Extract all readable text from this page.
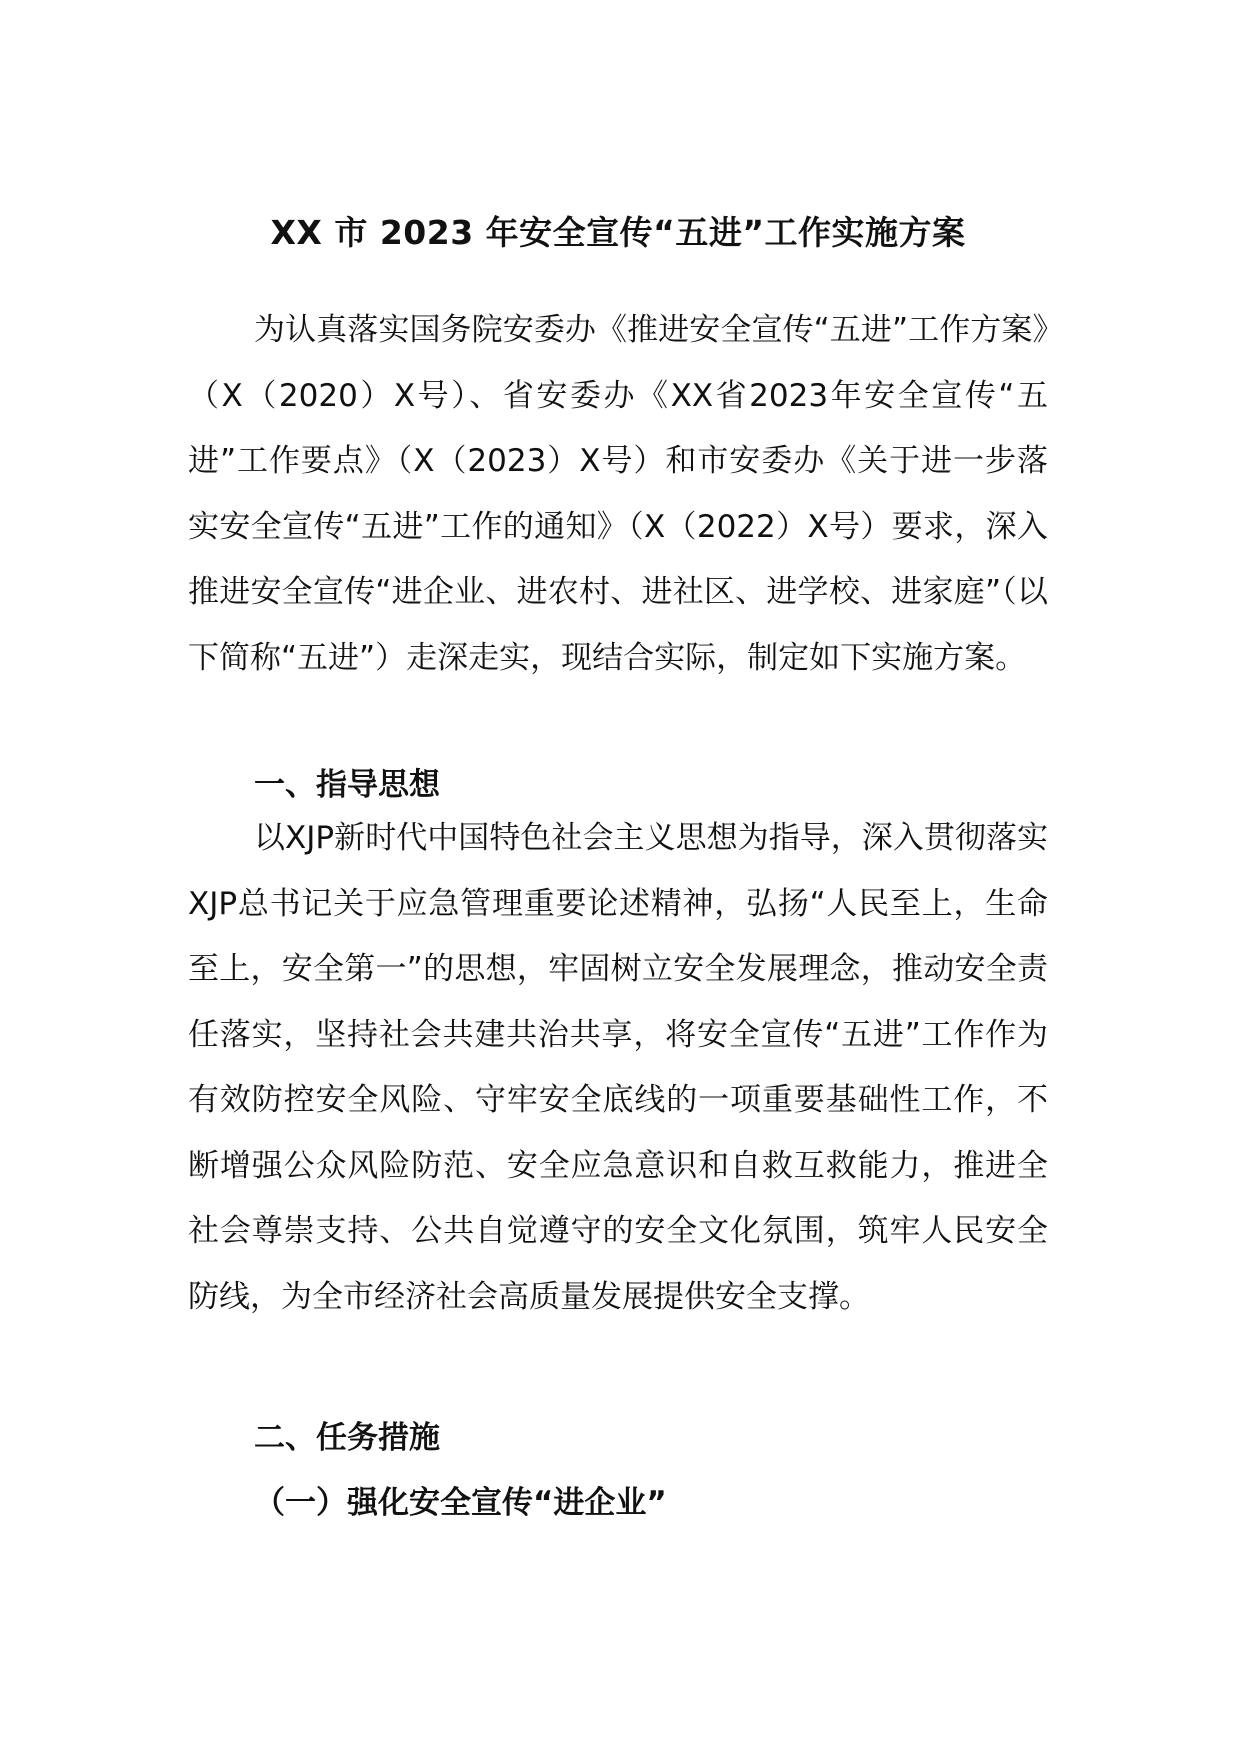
XX 市 2023 年安全宣传“五进”工作实施方案

为认真落实国务院安委办《推进安全宣传“五进”工作方案》（X（2020）X号）、省安委办《XX省2023年安全宣传“五进”工作要点》（X（2023）X号）和市安委办《关于进一步落实安全宣传“五进”工作的通知》（X（2022）X号）要求，深入推进安全宣传“进企业、进农村、进社区、进学校、进家庭”（以下简称“五进”）走深走实，现结合实际，制定如下实施方案。

一、指导思想

以XJP新时代中国特色社会主义思想为指导，深入贯彻落实XJP总书记关于应急管理重要论述精神，弘扬“人民至上，生命至上，安全第一”的思想，牢固树立安全发展理念，推动安全责任落实，坚持社会共建共治共享，将安全宣传“五进”工作作为有效防控安全风险、守牢安全底线的一项重要基础性工作，不断增强公众风险防范、安全应急意识和自救互救能力，推进全社会尊崇支持、公共自觉遵守的安全文化氛围，筑牢人民安全防线，为全市经济社会高质量发展提供安全支撑。

二、任务措施
（一）强化安全宣传“进企业”
